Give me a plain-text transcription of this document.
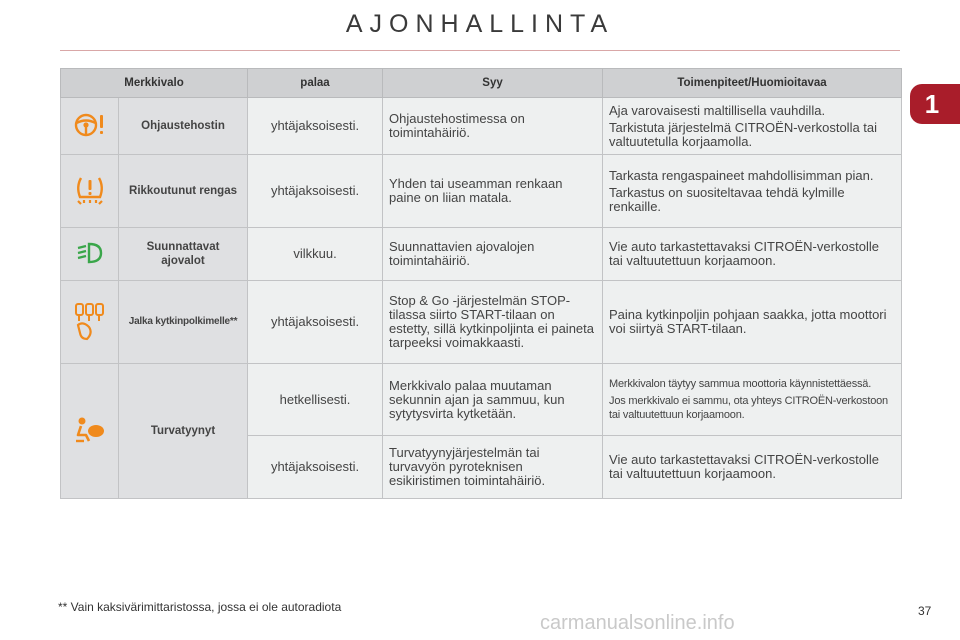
AJONHALLINTA
1
Merkkivalo		palaa	Syy	Toimenpiteet/Huomioitavaa
	Ohjaustehostin	yhtäjaksoisesti.	Ohjaustehostimessa on toimintahäiriö.	Aja varovaisesti maltillisella vauhdilla.

Tarkistuta järjestelmä CITROËN-verkostolla tai valtuutetulla korjaamolla.

	Rikkoutunut rengas	yhtäjaksoisesti.	Yhden tai useamman renkaan paine on liian matala.	Tarkasta rengaspaineet mahdollisimman pian.

Tarkastus on suositeltavaa tehdä kylmille renkaille.

	Suunnattavat ajovalot	vilkkuu.	Suunnattavien ajovalojen toimintahäiriö.	Vie auto tarkastettavaksi CITROËN-verkostolle tai valtuutettuun korjaamoon.

	Jalka kytkinpolkimelle**	yhtäjaksoisesti.	Stop & Go -järjestelmän STOP-tilassa siirto START-tilaan on estetty, sillä kytkinpoljinta ei paineta tarpeeksi voimakkaasti.	Paina kytkinpoljin pohjaan saakka, jotta moottori voi siirtyä START-tilaan.

	Turvatyynyt	hetkellisesti.	Merkkivalo palaa muutaman sekunnin ajan ja sammuu, kun sytytysvirta kytketään.	Merkkivalon täytyy sammua moottoria käynnistettäessä.

Jos merkkivalo ei sammu, ota yhteys CITROËN-verkostoon tai valtuutettuun korjaamoon.

		yhtäjaksoisesti.	Turvatyynyjärjestelmän tai turvavyön pyroteknisen esikiristimen toimintahäiriö.	Vie auto tarkastettavaksi CITROËN-verkostolle tai valtuutettuun korjaamoon.

** Vain kaksivärimittaristossa, jossa ei ole autoradiota	37
carmanualsonline.info
